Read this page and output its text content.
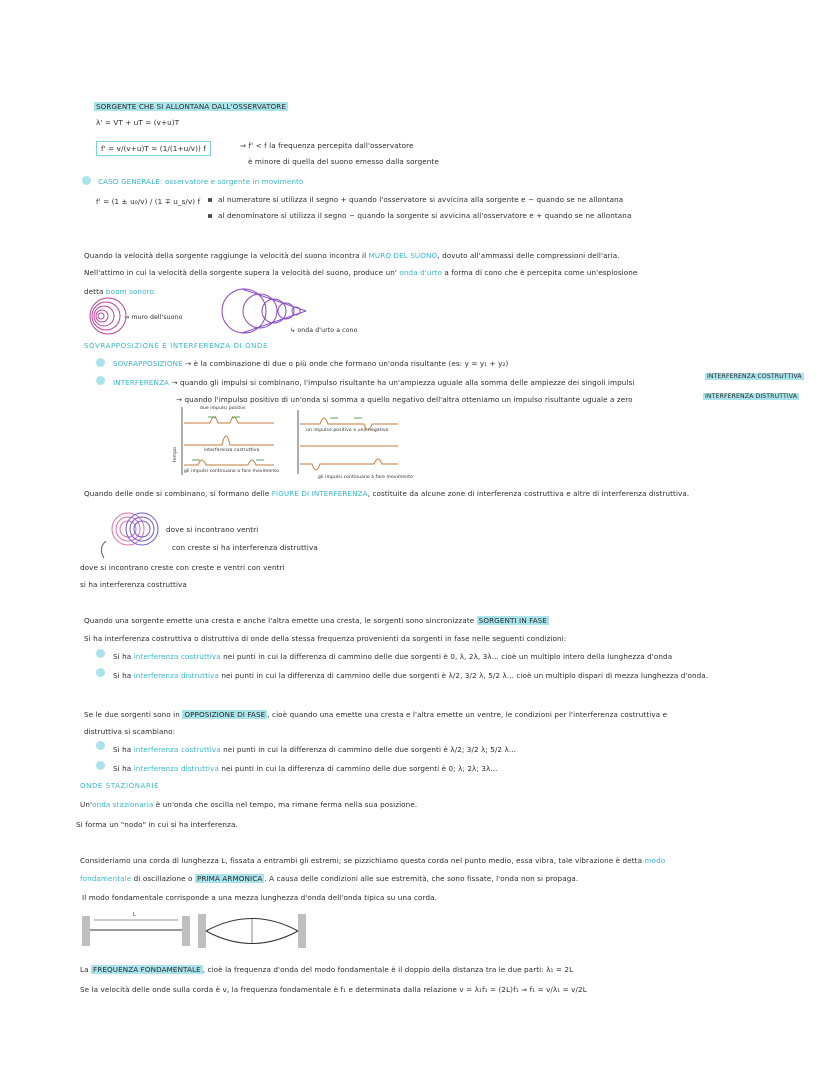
SORGENTE CHE SI ALLONTANA DALL'OSSERVATORE
λ' = VT + uT = (v+u)T
f' = v/(v+u)T = (1/(1+u/v)) f	⇒ f' < f la frequenza percepita dall'osservatore
è minore di quella del suono emesso dalla sorgente
CASO GENERALE: osservatore e sorgente in movimento
f' = (1 ± u₀/v) / (1 ∓ u_s/v) f al numeratore si utilizza il segno + quando l'osservatore si avvicina alla sorgente e − quando se ne allontana
al denominatore si utilizza il segno − quando la sorgente si avvicina all'osservatore e + quando se ne allontana
Quando la velocità della sorgente raggiunge la velocità del suono incontra il MURO DEL SUONO, dovuto all'ammassi delle compressioni dell'aria.
Nell'attimo in cui la velocità della sorgente supera la velocità del suono, produce un' onda d'urto a forma di cono che è percepita come un'esplosione
detta boom sonoro.
→ muro dell'suono
↳ onda d'urto a cono
SOVRAPPOSIZIONE E INTERFERENZA DI ONDE
SOVRAPPOSIZIONE → è la combinazione di due o più onde che formano un'onda risultante (es: y = y₁ + y₂)
INTERFERENZA → quando gli impulsi si combinano, l'impulso risultante ha un'ampiezza uguale alla somma delle ampiezze dei singoli impulsi
INTERFERENZA COSTRUTTIVA
→ quando l'impulso positivo di un'onda si somma a quello negativo dell'altra otteniamo un impulso risultante uguale a zero	INTERFERENZA DISTRUTTIVA
due impulsi positivi
interferenza costruttiva
gli impulsi continuano a fare movimento
tempo
un impulso positivo e uno negativo
gli impulsi continuano a fare movimento
Quando delle onde si combinano, si formano delle FIGURE DI INTERFERENZA, costituite da alcune zone di interferenza costruttiva e altre di interferenza distruttiva.
dove si incontrano ventri
con creste si ha interferenza distruttiva
dove si incontrano creste con creste e ventri con ventri
si ha interferenza costruttiva
Quando una sorgente emette una cresta e anche l'altra emette una cresta, le sorgenti sono sincronizzate SORGENTI IN FASE
Si ha interferenza costruttiva o distruttiva di onde della stessa frequenza provenienti da sorgenti in fase nelle seguenti condizioni:
Si ha interferenza costruttiva nei punti in cui la differenza di cammino delle due sorgenti è 0, λ, 2λ, 3λ... cioè un multiplo intero della lunghezza d'onda
Si ha interferenza distruttiva nei punti in cui la differenza di cammino delle due sorgenti è λ/2, 3/2 λ, 5/2 λ... cioè un multiplo dispari di mezza lunghezza d'onda.
Se le due sorgenti sono in OPPOSIZIONE DI FASE , cioè quando una emette una cresta e l'altra emette un ventre, le condizioni per l'interferenza costruttiva e
distruttiva si scambiano:
Si ha interferenza costruttiva nei punti in cui la differenza di cammino delle due sorgenti è λ/2; 3/2 λ; 5/2 λ...
Si ha interferenza distruttiva nei punti in cui la differenza di cammino delle due sorgenti è 0; λ; 2λ; 3λ...
ONDE STAZIONARIE
Un'onda stazionaria è un'onda che oscilla nel tempo, ma rimane ferma nella sua posizione.
Si forma un "nodo" in cui si ha interferenza.
Consideriamo una corda di lunghezza L, fissata a entrambi gli estremi; se pizzichiamo questa corda nel punto medio, essa vibra, tale vibrazione è detta modo
fondamentale di oscillazione o PRIMA ARMONICA . A causa delle condizioni alle sue estremità, che sono fissate, l'onda non si propaga.
Il modo fondamentale corrisponde a una mezza lunghezza d'onda dell'onda tipica su una corda.
L
La FREQUENZA FONDAMENTALE , cioè la frequenza d'onda del modo fondamentale è il doppio della distanza tra le due parti: λ₁ = 2L
Se la velocità delle onde sulla corda è v, la frequenza fondamentale è f₁ e determinata dalla relazione v = λ₁f₁ = (2L)f₁ ⇒ f₁ = v/λ₁ = v/2L
